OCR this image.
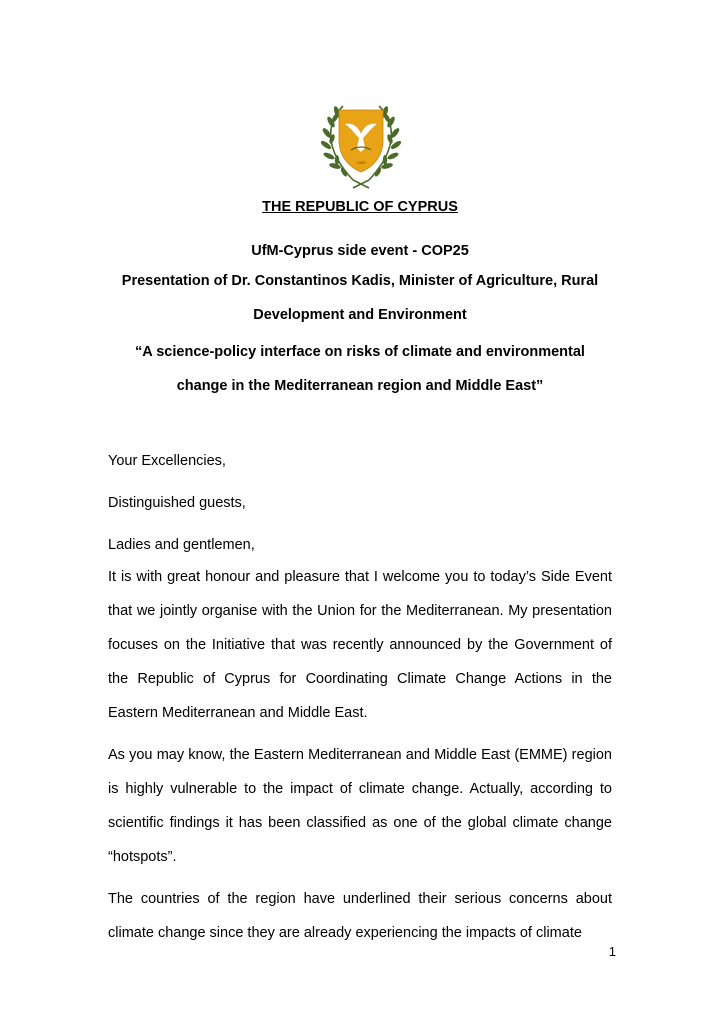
1960
THE REPUBLIC OF CYPRUS
UfM-Cyprus side event - COP25
Presentation of Dr. Constantinos Kadis, Minister of Agriculture, Rural Development and Environment
“A science-policy interface on risks of climate and environmental change in the Mediterranean region and Middle East”
Your Excellencies,
Distinguished guests,
Ladies and gentlemen,

It is with great honour and pleasure that I welcome you to today’s Side Event that we jointly organise with the Union for the Mediterranean. My presentation focuses on the Initiative that was recently announced by the Government of the Republic of Cyprus for Coordinating Climate Change Actions in the Eastern Mediterranean and Middle East.

As you may know, the Eastern Mediterranean and Middle East (EMME) region is highly vulnerable to the impact of climate change. Actually, according to scientific findings it has been classified as one of the global climate change “hotspots”.

The countries of the region have underlined their serious concerns about climate change since they are already experiencing the impacts of climate

1
